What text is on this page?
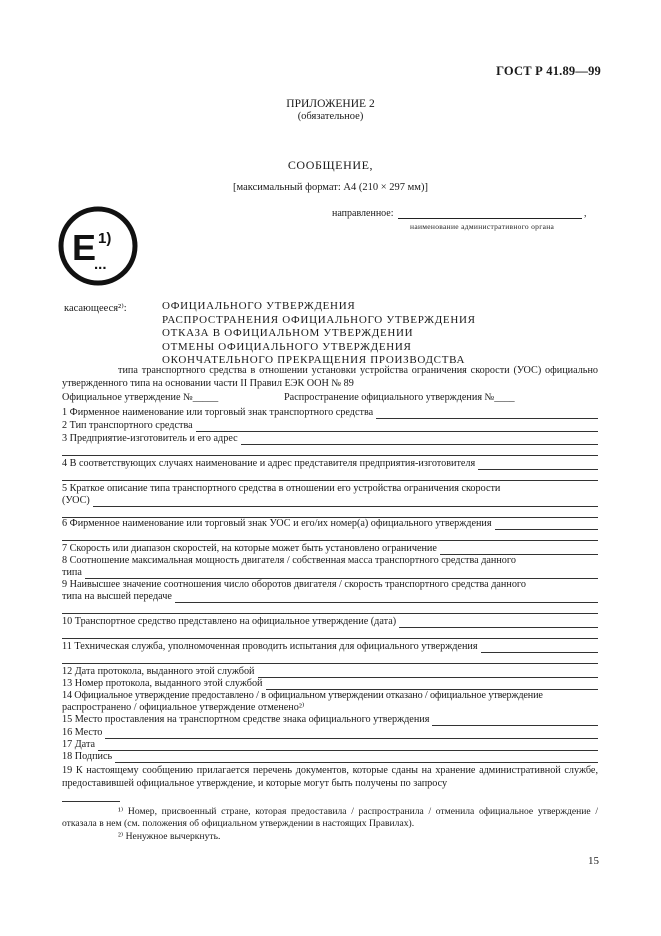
ГОСТ Р 41.89—99
ПРИЛОЖЕНИЕ 2
(обязательное)
СООБЩЕНИЕ,
[максимальный формат: А4 (210 × 297 мм)]
направленное:	,
наименование административного органа
E 1)
...
касающееся²⁾:	ОФИЦИАЛЬНОГО УТВЕРЖДЕНИЯ
РАСПРОСТРАНЕНИЯ ОФИЦИАЛЬНОГО УТВЕРЖДЕНИЯ
ОТКАЗА В ОФИЦИАЛЬНОМ УТВЕРЖДЕНИИ
ОТМЕНЫ ОФИЦИАЛЬНОГО УТВЕРЖДЕНИЯ
ОКОНЧАТЕЛЬНОГО ПРЕКРАЩЕНИЯ ПРОИЗВОДСТВА
типа транспортного средства в отношении установки устройства ограничения скорости (УОС) официально утвержденного типа на основании части II Правил ЕЭК ООН № 89
Официальное утверждение №_____	Распространение официального утверждения №____
1 Фирменное наименование или торговый знак транспортного средства
2 Тип транспортного средства
3 Предприятие-изготовитель и его адрес
4 В соответствующих случаях наименование и адрес представителя предприятия-изготовителя
5 Краткое описание типа транспортного средства в отношении его устройства ограничения скорости
(УОС)
6 Фирменное наименование или торговый знак УОС и его/их номер(а) официального утверждения
7 Скорость или диапазон скоростей, на которые может быть установлено ограничение
8 Соотношение максимальная мощность двигателя / собственная масса транспортного средства данного
типа
9 Наивысшее значение соотношения число оборотов двигателя / скорость транспортного средства данного
типа на высшей передаче
10 Транспортное средство представлено на официальное утверждение (дата)
11 Техническая служба, уполномоченная проводить испытания для официального утверждения
12 Дата протокола, выданного этой службой
13 Номер протокола, выданного этой службой
14 Официальное утверждение предоставлено / в официальном утверждении отказано / официальное утверждение
распространено / официальное утверждение отменено²⁾
15 Место проставления на транспортном средстве знака официального утверждения
16 Место
17 Дата
18 Подпись
19 К настоящему сообщению прилагается перечень документов, которые сданы на хранение административной службе, предоставившей официальное утверждение, и которые могут быть получены по запросу
¹⁾ Номер, присвоенный стране, которая предоставила / распространила / отменила официальное утверждение / отказала в нем (см. положения об официальном утверждении в настоящих Правилах).
²⁾ Ненужное вычеркнуть.
15
